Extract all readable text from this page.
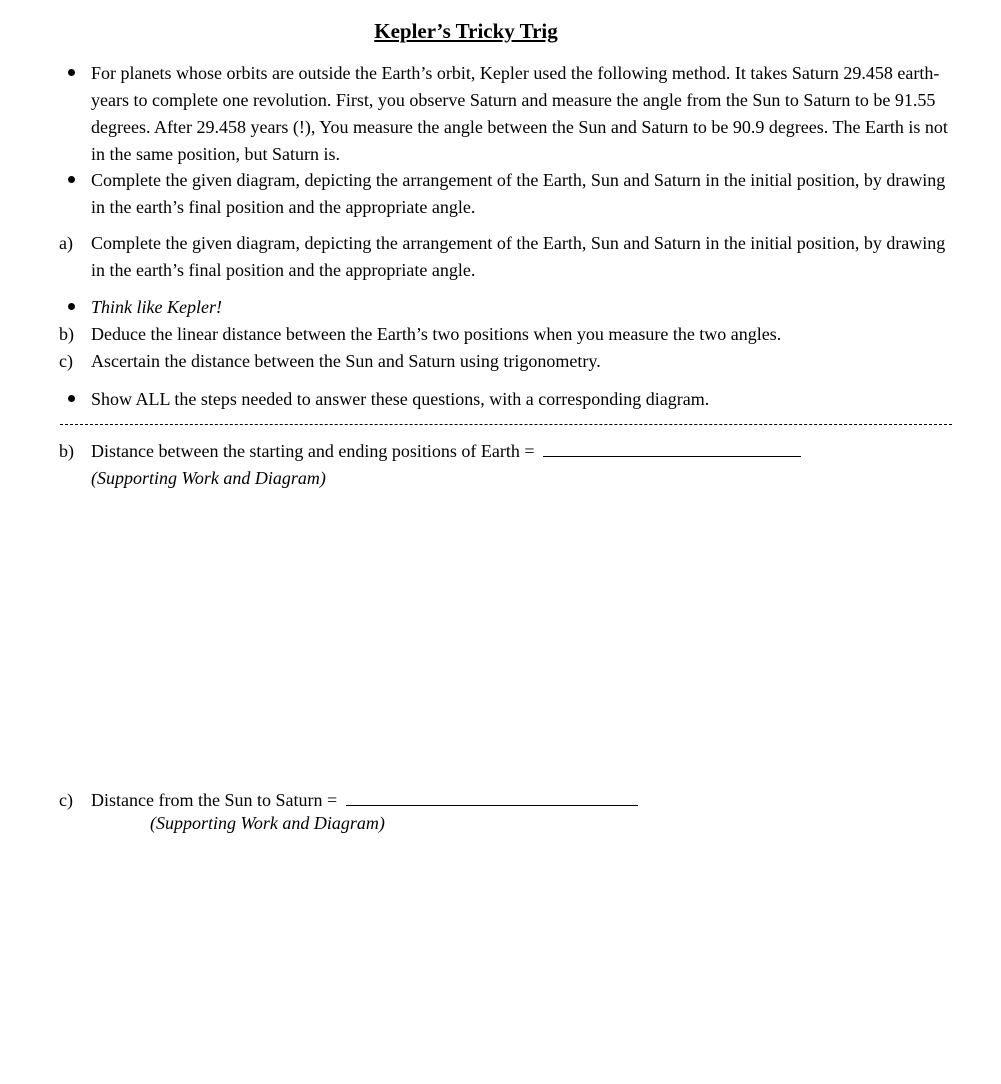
Kepler’s Tricky Trig
For planets whose orbits are outside the Earth’s orbit, Kepler used the following method. It takes Saturn 29.458 earth-years to complete one revolution. First, you observe Saturn and measure the angle from the Sun to Saturn to be 91.55 degrees. After 29.458 years (!), You measure the angle between the Sun and Saturn to be 90.9 degrees. The Earth is not in the same position, but Saturn is.
Complete the given diagram, depicting the arrangement of the Earth, Sun and Saturn in the initial position, by drawing in the earth’s final position and the appropriate angle.
a)	Complete the given diagram, depicting the arrangement of the Earth, Sun and Saturn in the initial position, by drawing in the earth’s final position and the appropriate angle.
Think like Kepler!
b) Deduce the linear distance between the Earth’s two positions when you measure the two angles.
c)	Ascertain the distance between the Sun and Saturn using trigonometry.
Show ALL the steps needed to answer these questions, with a corresponding diagram.
b) Distance between the starting and ending positions of Earth =
(Supporting Work and Diagram)
c)	Distance from the Sun to Saturn =
(Supporting Work and Diagram)
